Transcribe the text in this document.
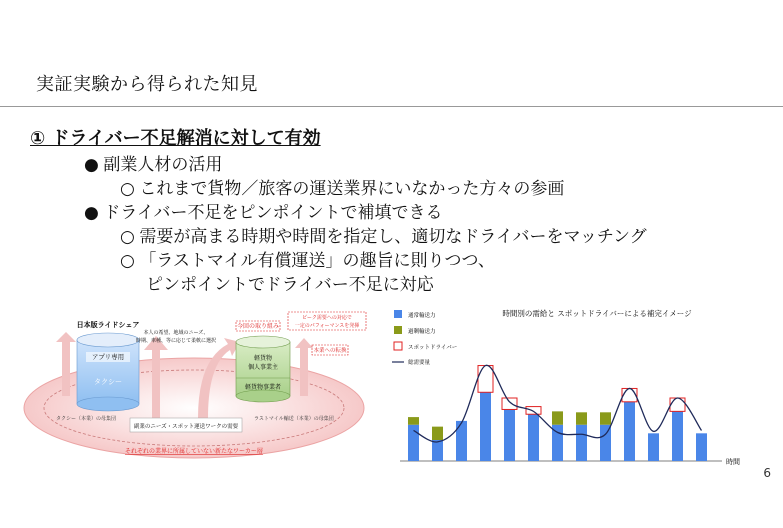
実証実験から得られた知見
① ドライバー不足解消に対して有効
● 副業人材の活用
○ これまで貨物／旅客の運送業界にいなかった方々の参画
● ドライバー不足をピンポイントで補填できる
○ 需要が高まる時期や時間を指定し、適切なドライバーをマッチング
○ 「ラストマイル有償運送」の趣旨に則りつつ、
ピンポイントでドライバー不足に対応
日本版ライドシェア
アプリ専用
タクシー
タクシー（本業）の母集団
本人の希望、地域のニーズ、
時期、車種、等に応じて柔軟に選択
今回の取り組み
軽貨物
個人事業主
軽貨物事業者
ラストマイル輸送（本業）の母集団
ピーク需要への対応で
一定のパフォーマンスを発揮
本業への転換
副業のニーズ・スポット運送ワークの需要
それぞれの業界に所属していない新たなワーカー層
時間別の需給と スポットドライバーによる補完イメージ
通常輸送力
過剰輸送力
スポットドライバー
総需要量
時間
6
